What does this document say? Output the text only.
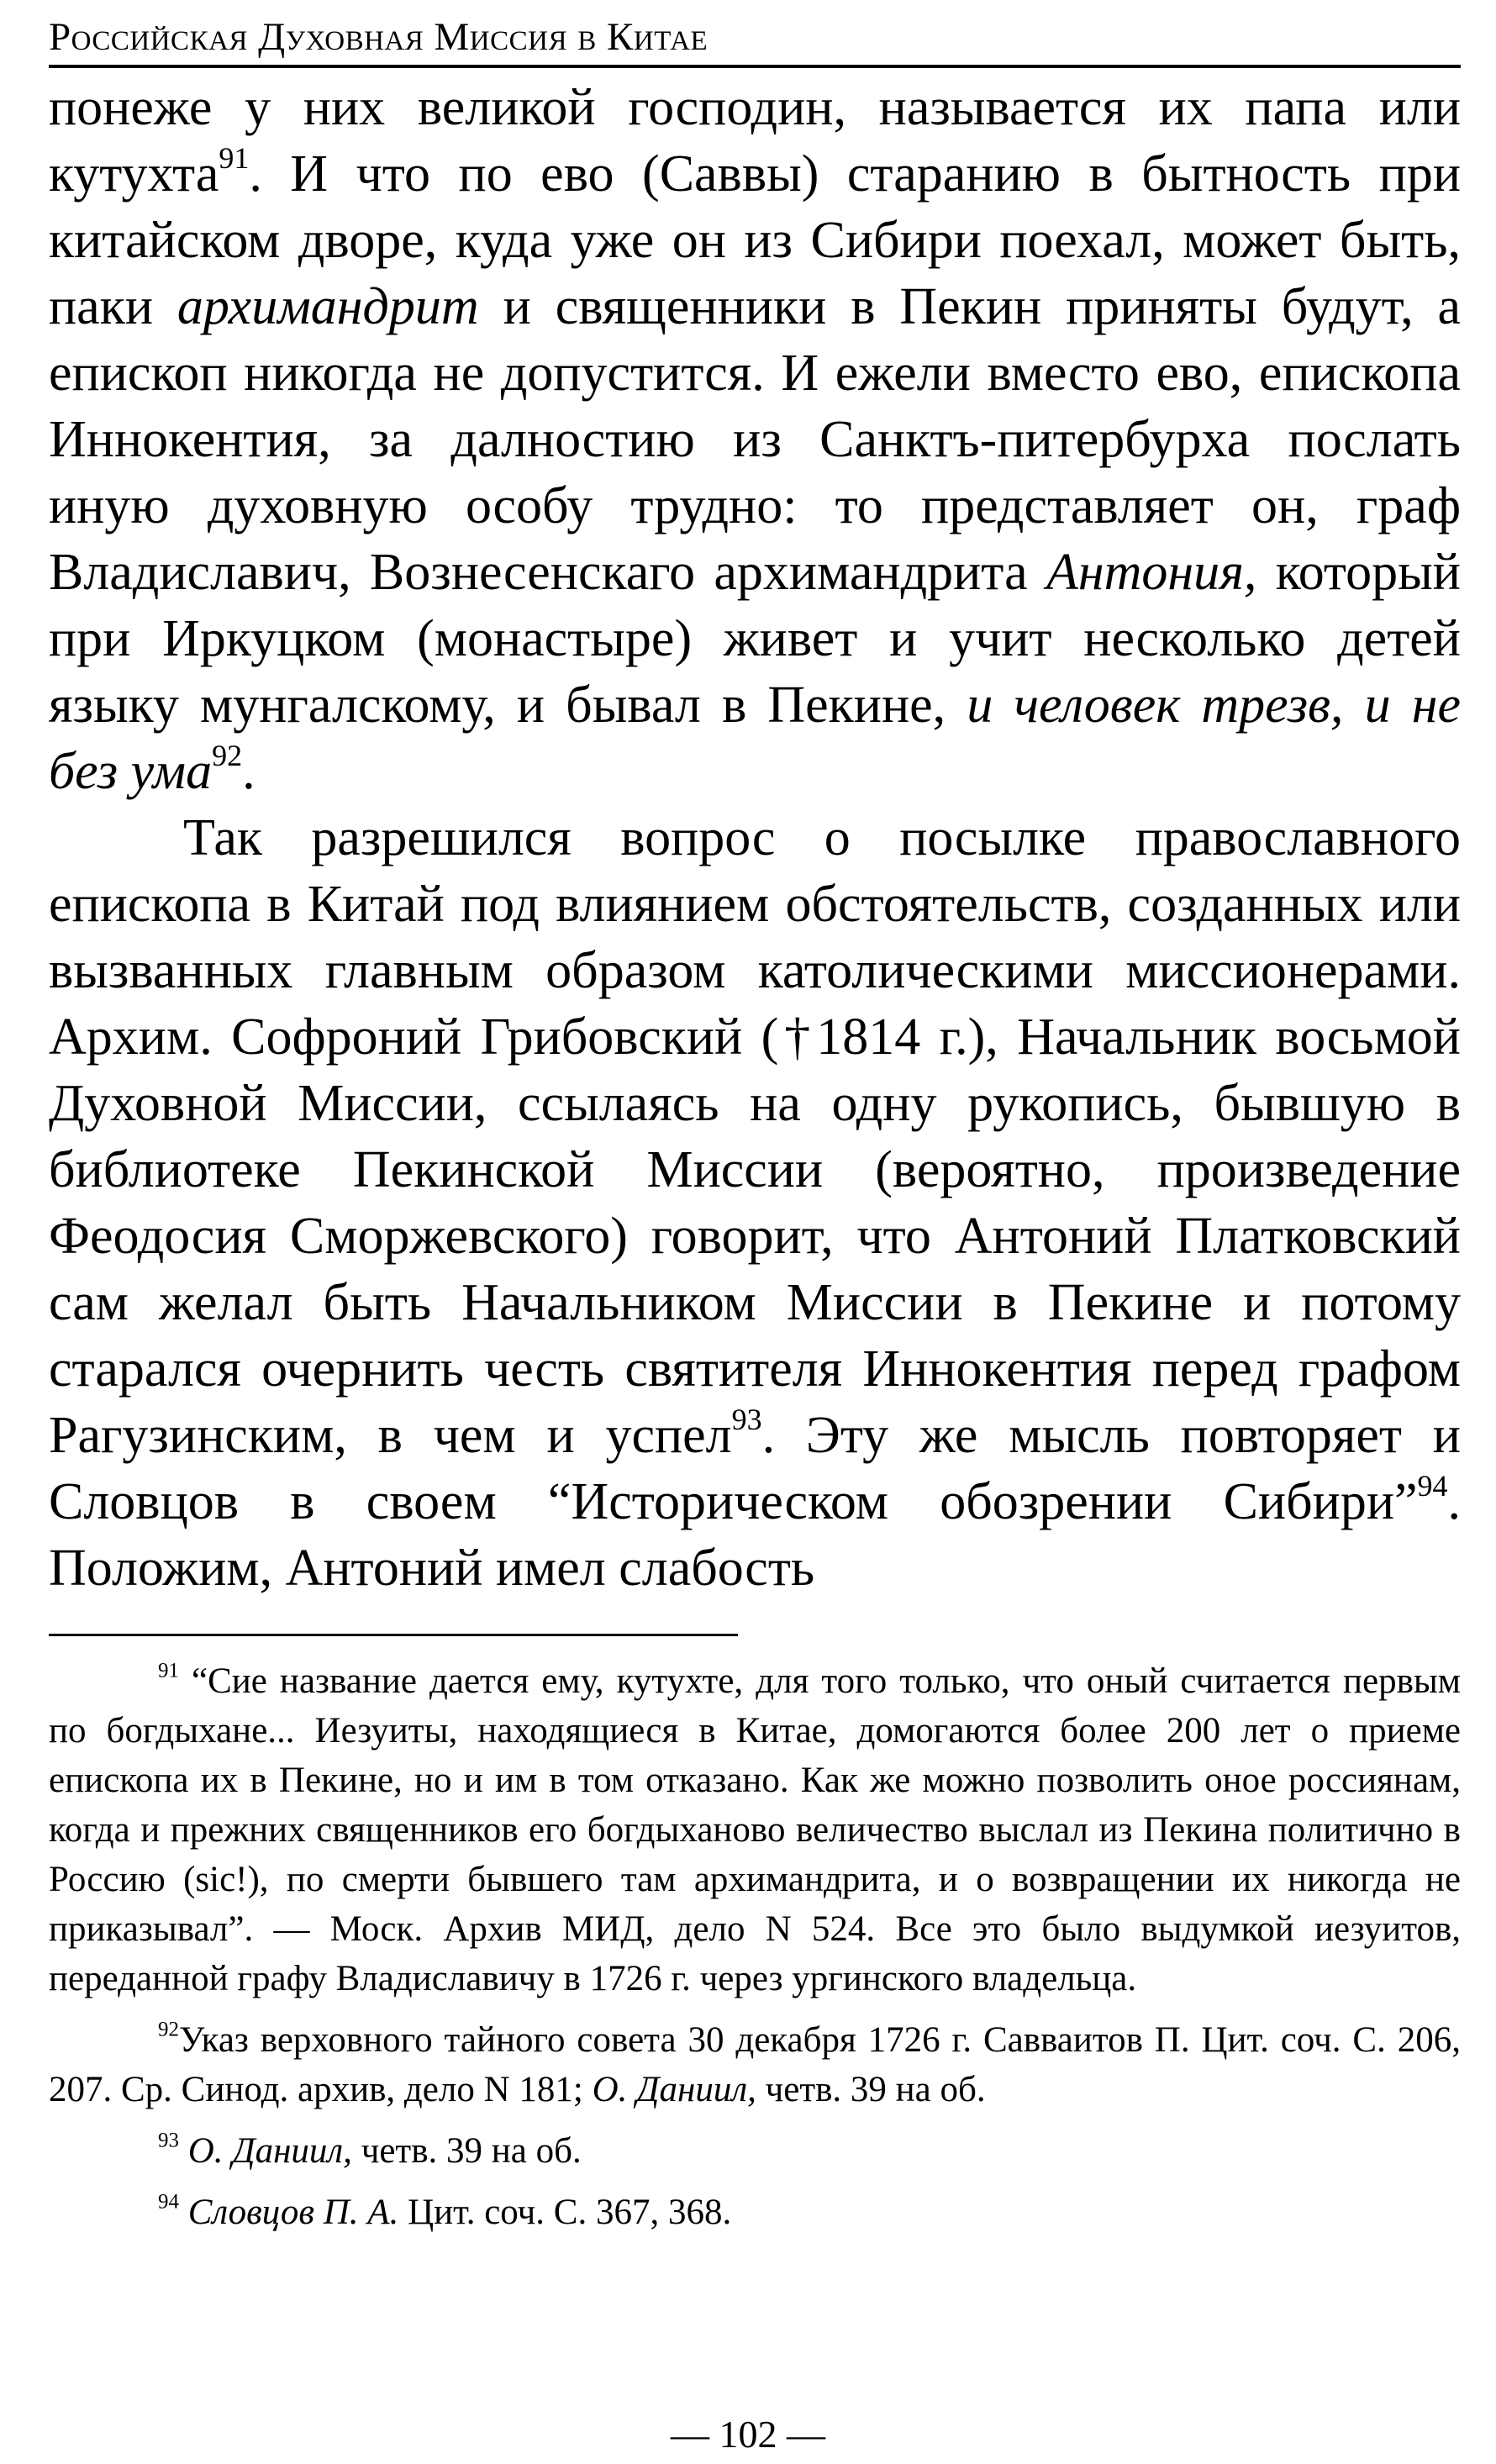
Российская Духовная Миссия в Китае

понеже у них великой господин, называется их папа или кутухта$^{91}$. И что по ево (Саввы) старанию в бытность при китайском дворе, куда уже он из Сибири поехал, может быть, паки архимандрит и священники в Пекин приняты будут, а епископ никогда не допустится. И ежели вместо ево, епископа Иннокентия, за далностию из Санктъ-питербурха послать иную духовную особу трудно: то представляет он, граф Владиславич, Вознесенскаго архимандрита Антония, который при Иркуцком (монастыре) живет и учит несколько детей языку мунгалскому, и бывал в Пекине, и человек трезв, и не без ума$^{92}$.

Так разрешился вопрос о посылке православного епископа в Китай под влиянием обстоятельств, созданных или вызванных главным образом католическими миссионерами. Архим. Софроний Грибовский (†1814 г.), Начальник восьмой Духовной Миссии, ссылаясь на одну рукопись, бывшую в библиотеке Пекинской Миссии (вероятно, произведение Феодосия Сморжевского) говорит, что Антоний Платковский сам желал быть Начальником Миссии в Пекине и потому старался очернить честь святителя Иннокентия перед графом Рагузинским, в чем и успел$^{93}$. Эту же мысль повторяет и Словцов в своем “Историческом обозрении Сибири”$^{94}$. Положим, Антоний имел слабость

$^{91}$ “Сие название дается ему, кутухте, для того только, что оный считается первым по богдыхане... Иезуиты, находящиеся в Китае, домогаются более 200 лет о приеме епископа их в Пекине, но и им в том отказано. Как же можно позволить оное россиянам, когда и прежних священников его богдыханово величество выслал из Пекина политично в Россию (sic!), по смерти бывшего там архимандрита, и о возвращении их никогда не приказывал”. — Моск. Архив МИД, дело N 524. Все это было выдумкой иезуитов, переданной графу Владиславичу в 1726 г. через ургинского владельца.

$^{92}$Указ верховного тайного совета 30 декабря 1726 г. Савваитов П. Цит. соч. С. 206, 207. Ср. Синод. архив, дело N 181; О. Даниил, четв. 39 на об.

$^{93}$ О. Даниил, четв. 39 на об.

$^{94}$ Словцов П. А. Цит. соч. С. 367, 368.

— 102 —
